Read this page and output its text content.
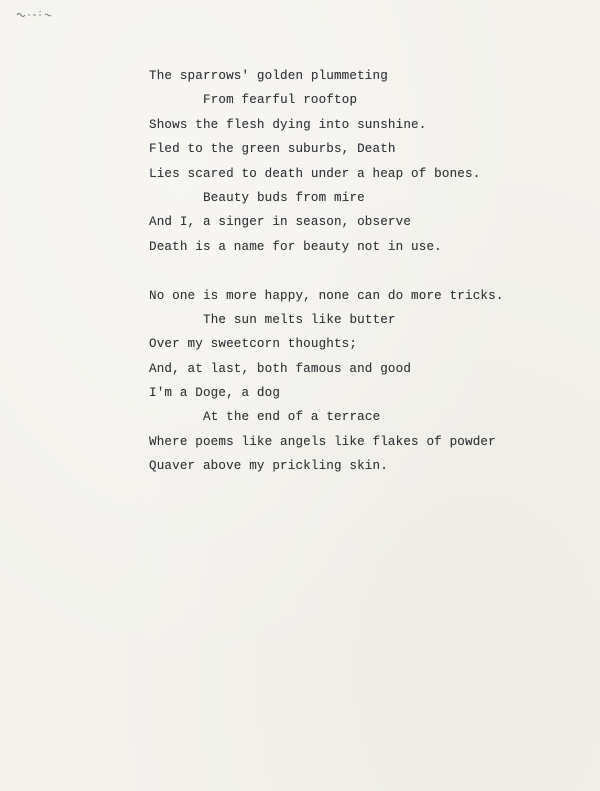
The sparrows' golden plummeting
From fearful rooftop
Shows the flesh dying into sunshine.
Fled to the green suburbs, Death
Lies scared to death under a heap of bones.
Beauty buds from mire
And I, a singer in season, observe
Death is a name for beauty not in use.
No one is more happy, none can do more tricks.
The sun melts like butter
Over my sweetcorn thoughts;
And, at last, both famous and good
I'm a Doge, a dog
At the end of a terrace
Where poems like angels like flakes of powder
Quaver above my prickling skin.
